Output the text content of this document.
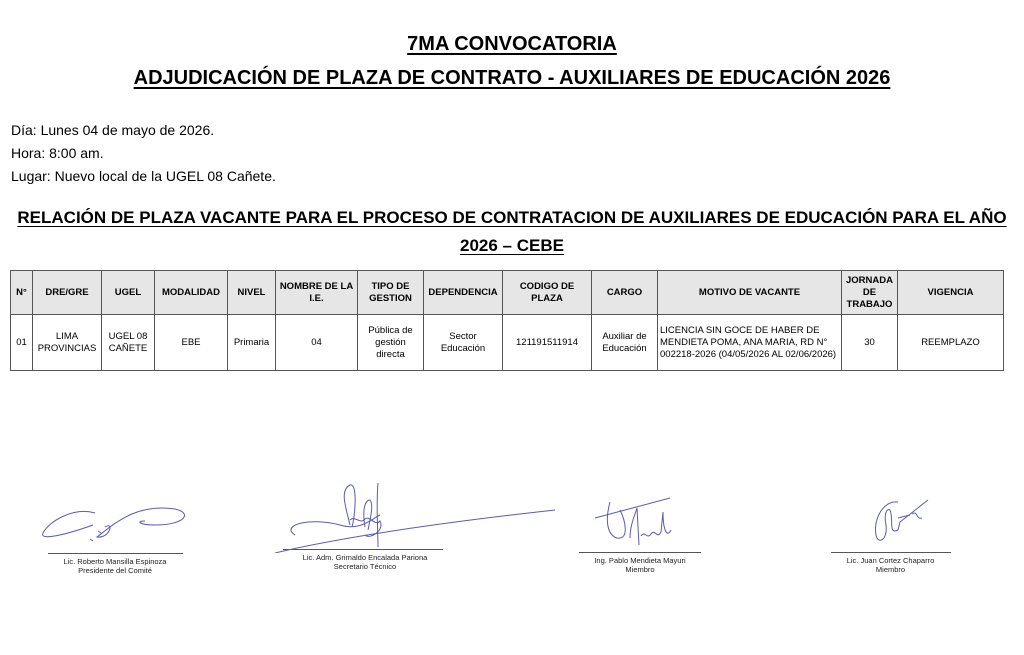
7MA CONVOCATORIA
ADJUDICACIÓN DE PLAZA DE CONTRATO - AUXILIARES DE EDUCACIÓN 2026
Día: Lunes 04 de mayo de 2026.
Hora: 8:00 am.
Lugar: Nuevo local de la UGEL 08 Cañete.
RELACIÓN DE PLAZA VACANTE PARA EL PROCESO DE CONTRATACION DE AUXILIARES DE EDUCACIÓN PARA EL AÑO
2026 – CEBE
N°	DRE/GRE	UGEL	MODALIDAD	NIVEL	NOMBRE DE LA I.E.	TIPO DE GESTION	DEPENDENCIA	CODIGO DE PLAZA	CARGO	MOTIVO DE VACANTE	JORNADA DE TRABAJO	VIGENCIA
01	LIMA PROVINCIAS	UGEL 08 CAÑETE	EBE	Primaria	04	Pública de gestión directa	Sector Educación	121191511914	Auxiliar de Educación	LICENCIA SIN GOCE DE HABER DE MENDIETA POMA, ANA MARIA, RD N° 002218-2026 (04/05/2026 AL 02/06/2026)	30	REEMPLAZO
Lic. Roberto Mansilla Espinoza
Presidente del Comité
Lic. Adm. Grimaldo Encalada Pariona
Secretario Técnico
Ing. Pablo Mendieta Mayuri
Miembro
Lic. Juan Cortez Chaparro
Miembro
